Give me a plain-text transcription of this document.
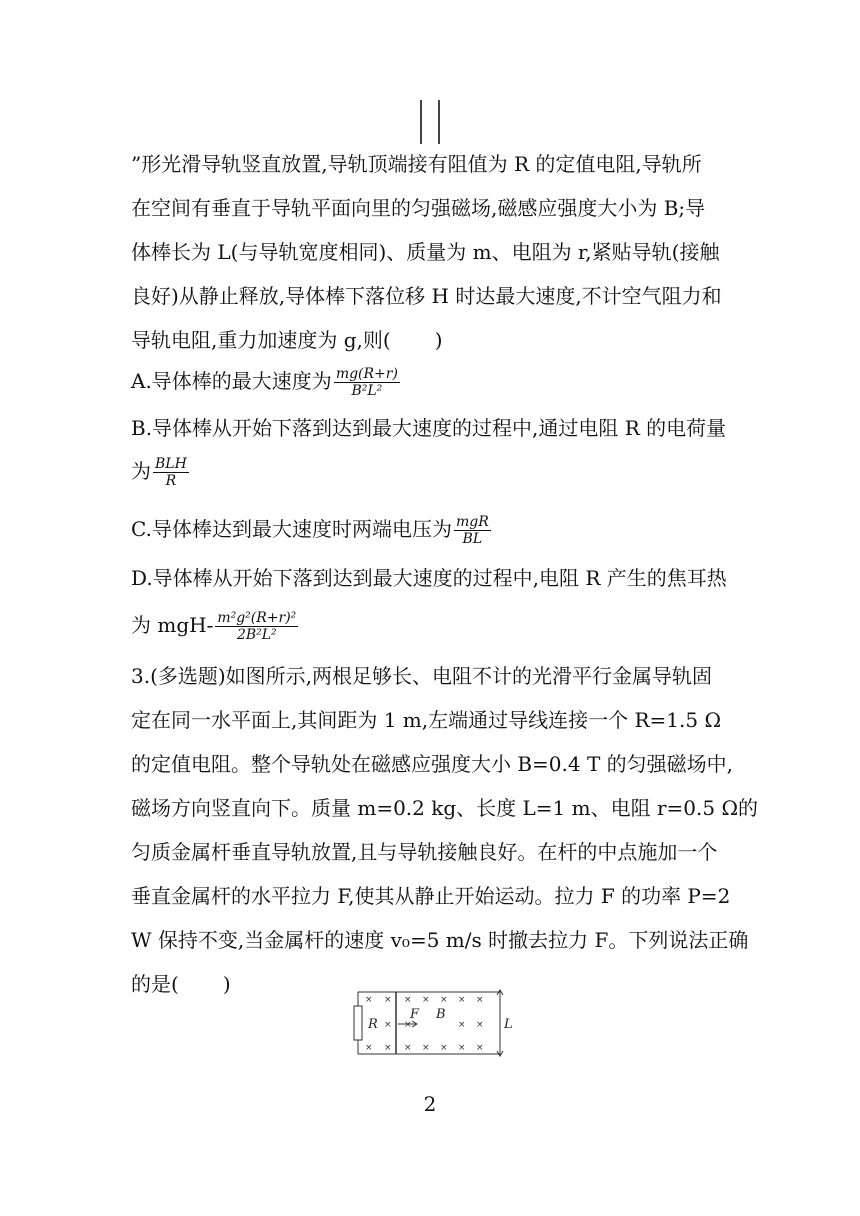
”形光滑导轨竖直放置,导轨顶端接有阻值为 R 的定值电阻,导轨所
在空间有垂直于导轨平面向里的匀强磁场,磁感应强度大小为 B;导
体棒长为 L(与导轨宽度相同)、质量为 m、电阻为 r,紧贴导轨(接触
良好)从静止释放,导体棒下落位移 H 时达最大速度,不计空气阻力和
导轨电阻,重力加速度为 g,则( )
A.导体棒的最大速度为 $\frac{mg(R+r)}{\text{B²L²}}$
B.导体棒从开始下落到达到最大速度的过程中,通过电阻 R 的电荷量
为 $\frac{\text{BLH}}{R}$
C.导体棒达到最大速度时两端电压为 $\frac{\text{mgR}}{BL}$
D.导体棒从开始下落到达到最大速度的过程中,电阻 R 产生的焦耳热
为 $mgH- \frac{\text{m²g²(R+r)²}}{\text{2B²L²}}$
3.(多选题)如图所示,两根足够长、电阻不计的光滑平行金属导轨固
定在同一水平面上,其间距为 1 m,左端通过导线连接一个 R=1.5 Ω
的定值电阻。整个导轨处在磁感应强度大小 B=0.4 T 的匀强磁场中,
磁场方向竖直向下。质量 m=0.2 kg、长度 L=1 m、电阻 r=0.5 Ω的
匀质金属杆垂直导轨放置,且与导轨接触良好。在杆的中点施加一个
垂直金属杆的水平拉力 F,使其从静止开始运动。拉力 F 的功率 P=2
W 保持不变,当金属杆的速度 v₀=5 m/s 时撤去拉力 F。下列说法正确
的是( )
× × × × × × ×
× ×	× ×
× × × × × × ×
R
F B
L
2
